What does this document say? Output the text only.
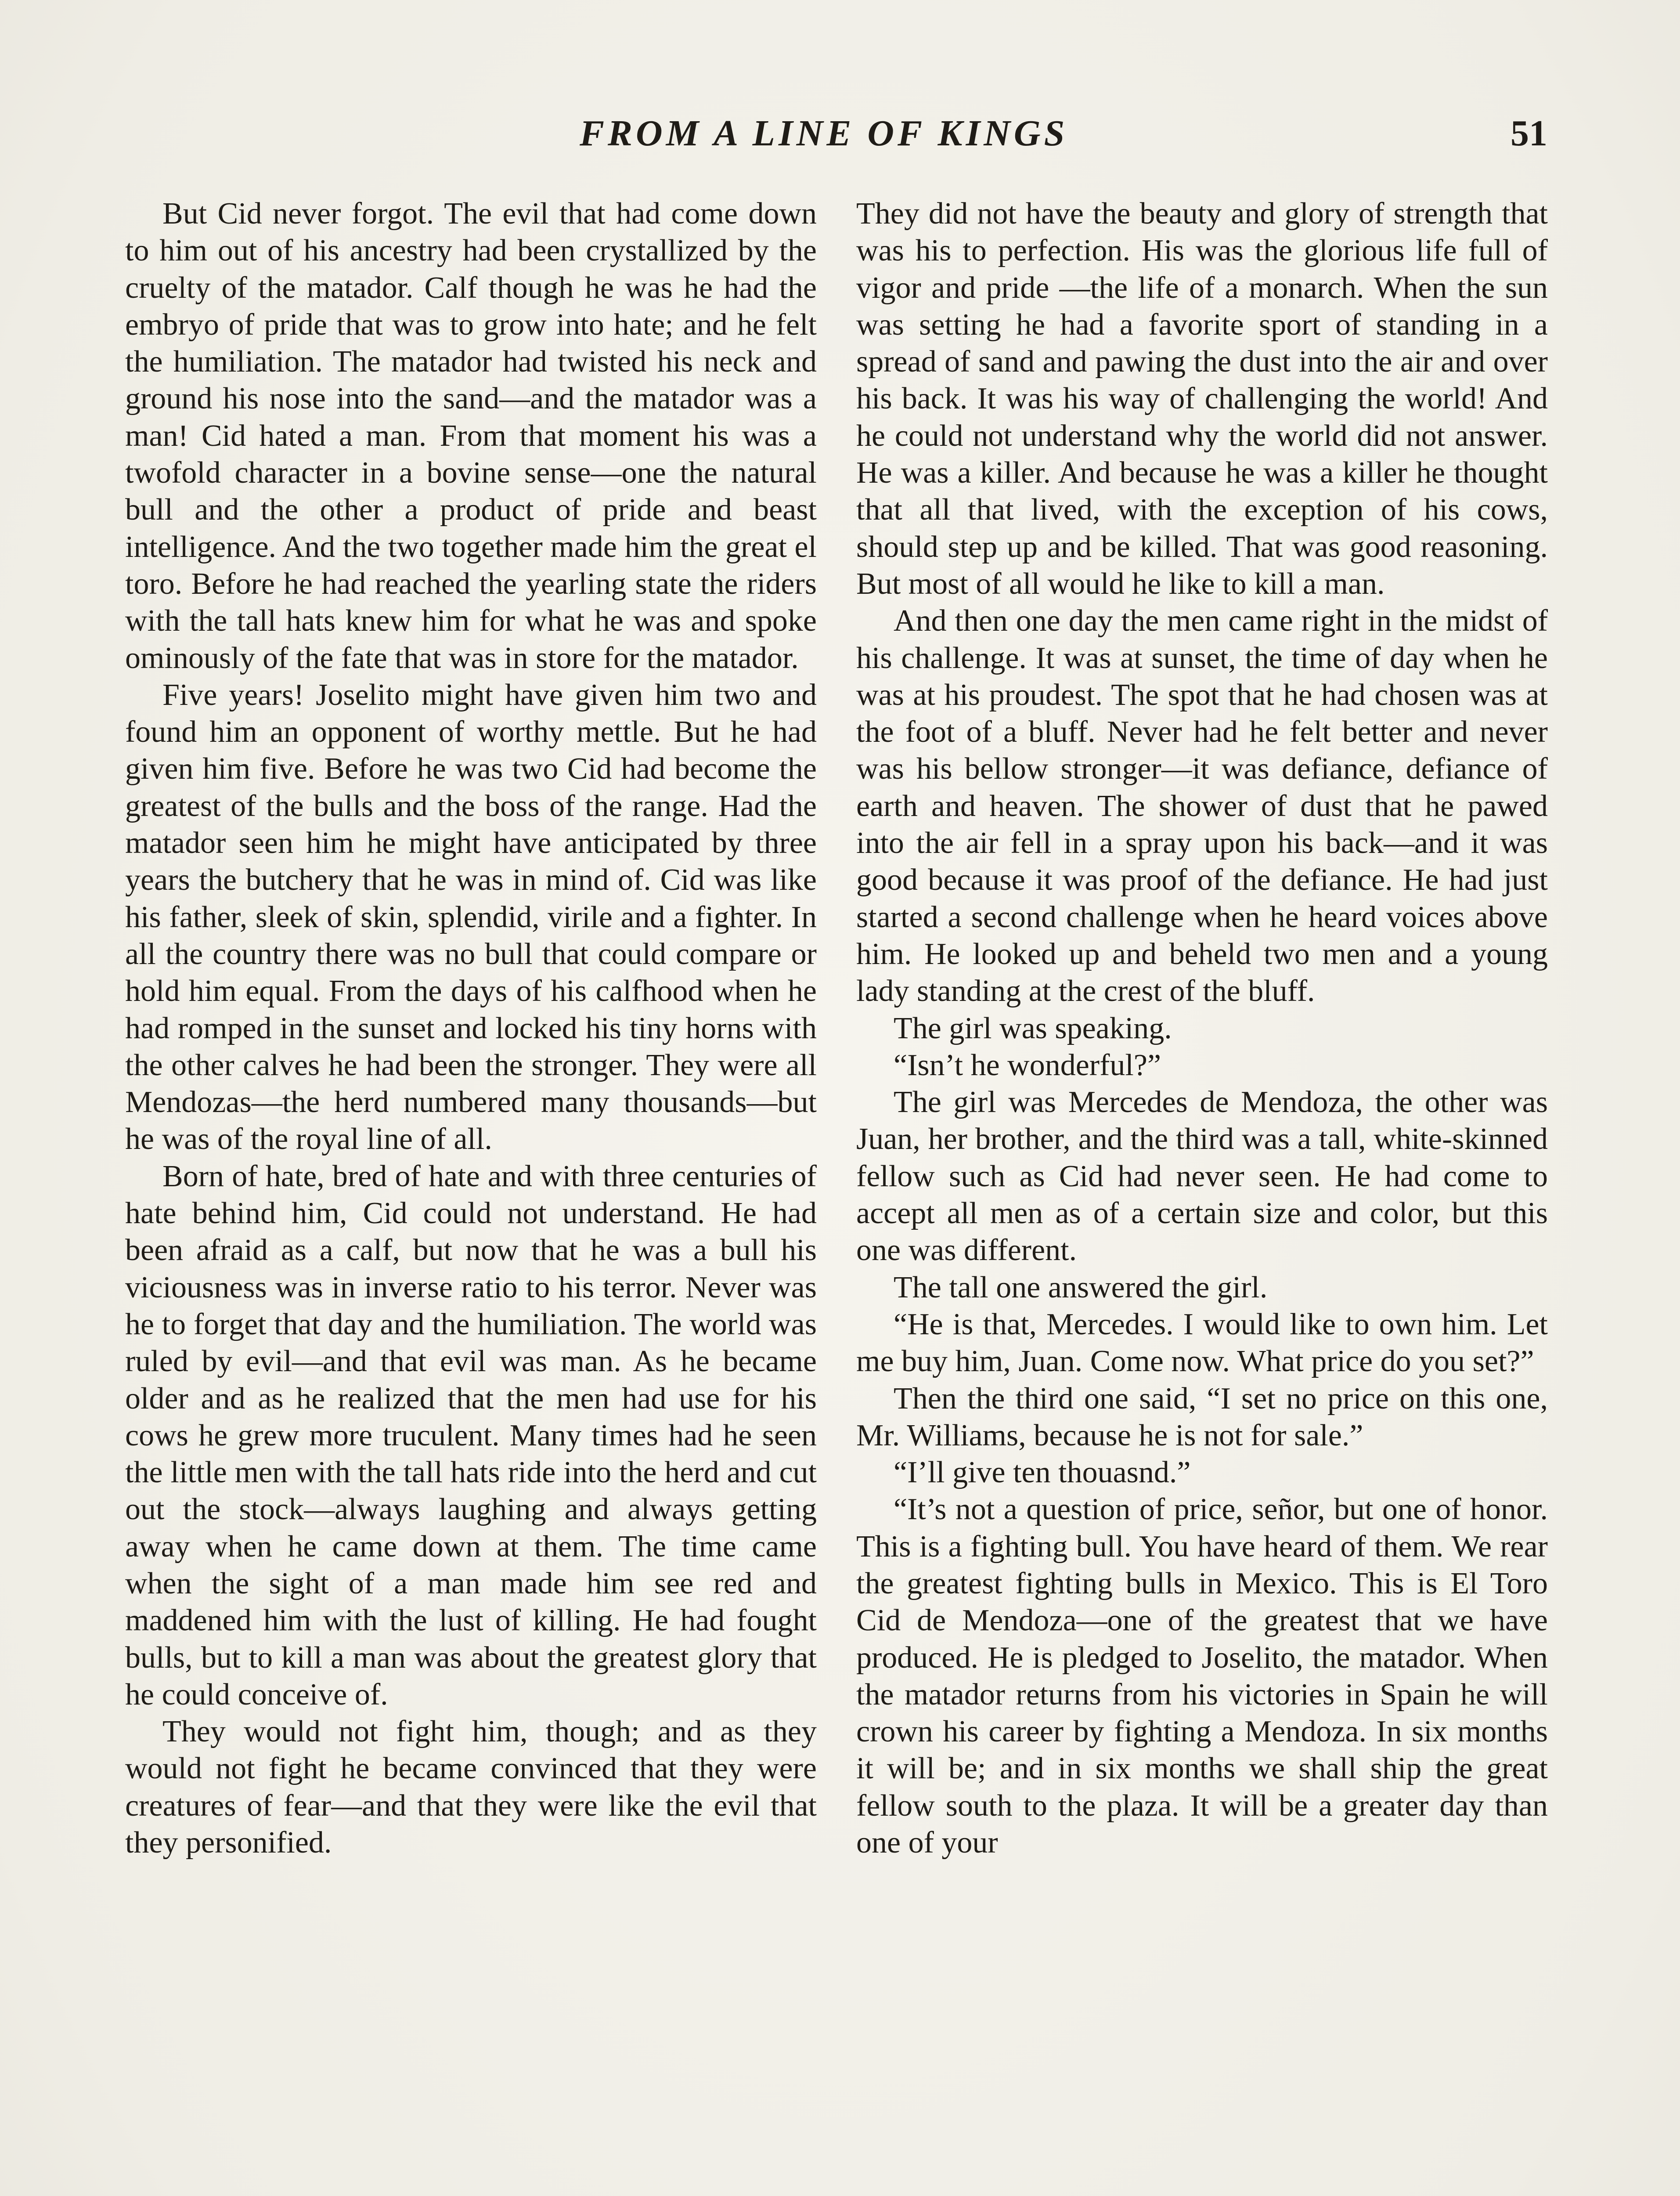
FROM A LINE OF KINGS	51

But Cid never forgot. The evil that had come down to him out of his ancestry had been crystallized by the cruelty of the matador. Calf though he was he had the embryo of pride that was to grow into hate; and he felt the humiliation. The matador had twisted his neck and ground his nose into the sand—and the matador was a man! Cid hated a man. From that moment his was a twofold character in a bovine sense—one the natural bull and the other a product of pride and beast intelligence. And the two together made him the great el toro. Before he had reached the yearling state the riders with the tall hats knew him for what he was and spoke ominously of the fate that was in store for the matador.

Five years! Joselito might have given him two and found him an opponent of worthy mettle. But he had given him five. Before he was two Cid had become the greatest of the bulls and the boss of the range. Had the matador seen him he might have anticipated by three years the butchery that he was in mind of. Cid was like his father, sleek of skin, splendid, virile and a fighter. In all the country there was no bull that could compare or hold him equal. From the days of his calfhood when he had romped in the sunset and locked his tiny horns with the other calves he had been the stronger. They were all Mendozas—the herd numbered many thousands—but he was of the royal line of all.

Born of hate, bred of hate and with three centuries of hate behind him, Cid could not understand. He had been afraid as a calf, but now that he was a bull his viciousness was in inverse ratio to his terror. Never was he to forget that day and the humiliation. The world was ruled by evil—and that evil was man. As he became older and as he realized that the men had use for his cows he grew more truculent. Many times had he seen the little men with the tall hats ride into the herd and cut out the stock—always laughing and always getting away when he came down at them. The time came when the sight of a man made him see red and maddened him with the lust of killing. He had fought bulls, but to kill a man was about the greatest glory that he could conceive of.

They would not fight him, though; and as they would not fight he became convinced that they were creatures of fear—and that they were like the evil that they personified.

They did not have the beauty and glory of strength that was his to perfection. His was the glorious life full of vigor and pride —the life of a monarch. When the sun was setting he had a favorite sport of standing in a spread of sand and pawing the dust into the air and over his back. It was his way of challenging the world! And he could not understand why the world did not answer. He was a killer. And because he was a killer he thought that all that lived, with the exception of his cows, should step up and be killed. That was good reasoning. But most of all would he like to kill a man.

And then one day the men came right in the midst of his challenge. It was at sunset, the time of day when he was at his proudest. The spot that he had chosen was at the foot of a bluff. Never had he felt better and never was his bellow stronger—it was defiance, defiance of earth and heaven. The shower of dust that he pawed into the air fell in a spray upon his back—and it was good because it was proof of the defiance. He had just started a second challenge when he heard voices above him. He looked up and beheld two men and a young lady standing at the crest of the bluff.

The girl was speaking.

“Isn’t he wonderful?”

The girl was Mercedes de Mendoza, the other was Juan, her brother, and the third was a tall, white-skinned fellow such as Cid had never seen. He had come to accept all men as of a certain size and color, but this one was different.

The tall one answered the girl.

“He is that, Mercedes. I would like to own him. Let me buy him, Juan. Come now. What price do you set?”

Then the third one said, “I set no price on this one, Mr. Williams, because he is not for sale.”

“I’ll give ten thouasnd.”

“It’s not a question of price, señor, but one of honor. This is a fighting bull. You have heard of them. We rear the greatest fighting bulls in Mexico. This is El Toro Cid de Mendoza—one of the greatest that we have produced. He is pledged to Joselito, the matador. When the matador returns from his victories in Spain he will crown his career by fighting a Mendoza. In six months it will be; and in six months we shall ship the great fellow south to the plaza. It will be a greater day than one of your
